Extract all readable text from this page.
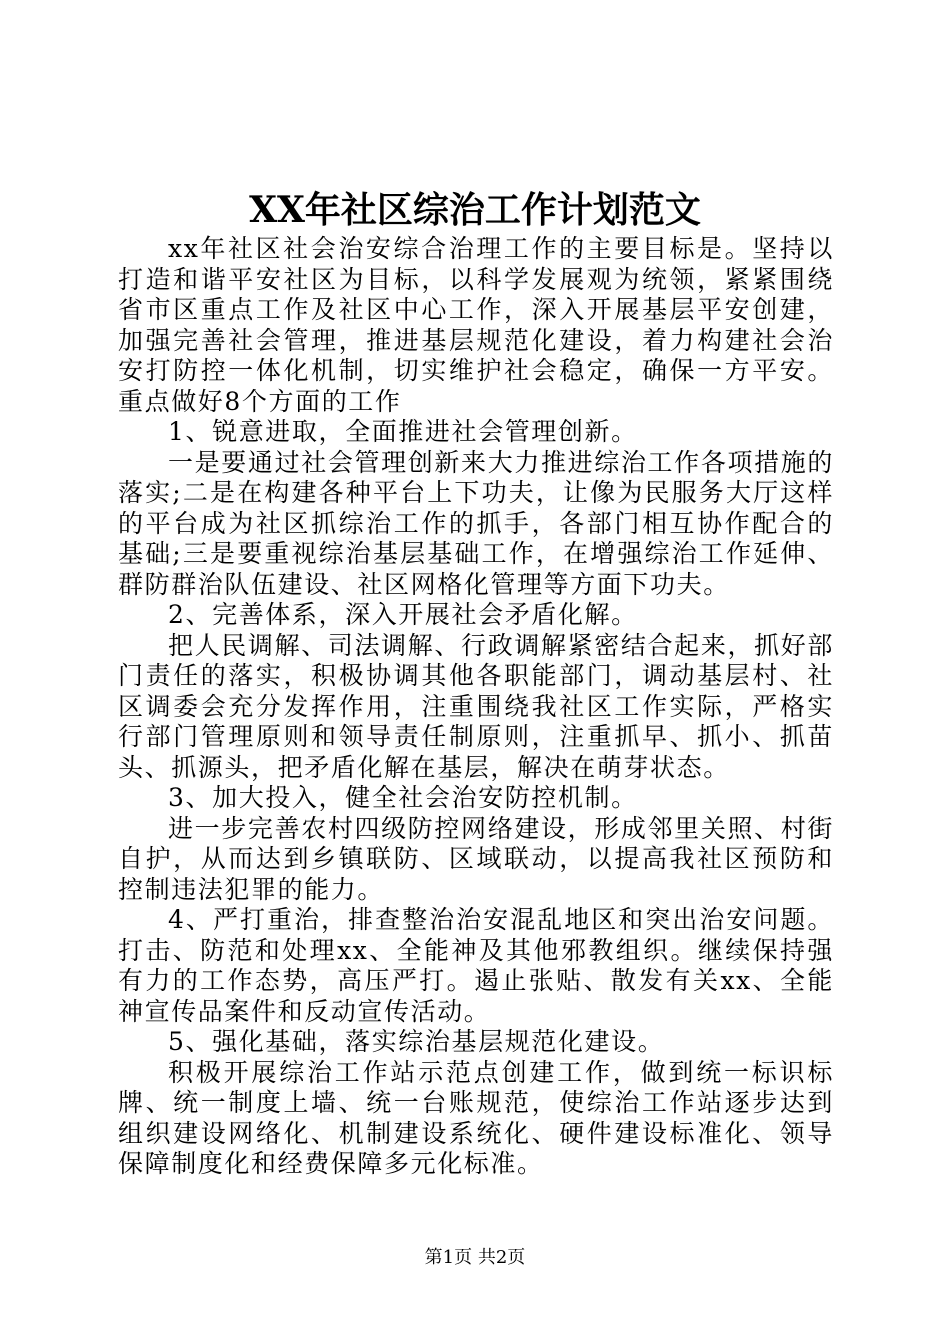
XX年社区综治工作计划范文

xx年社区社会治安综合治理工作的主要目标是。坚持以打造和谐平安社区为目标，以科学发展观为统领，紧紧围绕省市区重点工作及社区中心工作，深入开展基层平安创建，加强完善社会管理，推进基层规范化建设，着力构建社会治安打防控一体化机制，切实维护社会稳定，确保一方平安。重点做好8个方面的工作

1、锐意进取，全面推进社会管理创新。

一是要通过社会管理创新来大力推进综治工作各项措施的落实;二是在构建各种平台上下功夫，让像为民服务大厅这样的平台成为社区抓综治工作的抓手，各部门相互协作配合的基础;三是要重视综治基层基础工作，在增强综治工作延伸、群防群治队伍建设、社区网格化管理等方面下功夫。

2、完善体系，深入开展社会矛盾化解。

把人民调解、司法调解、行政调解紧密结合起来，抓好部门责任的落实，积极协调其他各职能部门，调动基层村、社区调委会充分发挥作用，注重围绕我社区工作实际，严格实行部门管理原则和领导责任制原则，注重抓早、抓小、抓苗头、抓源头，把矛盾化解在基层，解决在萌芽状态。

3、加大投入，健全社会治安防控机制。

进一步完善农村四级防控网络建设，形成邻里关照、村街自护，从而达到乡镇联防、区域联动，以提高我社区预防和控制违法犯罪的能力。

4、严打重治，排查整治治安混乱地区和突出治安问题。打击、防范和处理xx、全能神及其他邪教组织。继续保持强有力的工作态势，高压严打。遏止张贴、散发有关xx、全能神宣传品案件和反动宣传活动。

5、强化基础，落实综治基层规范化建设。

积极开展综治工作站示范点创建工作，做到统一标识标牌、统一制度上墙、统一台账规范，使综治工作站逐步达到组织建设网络化、机制建设系统化、硬件建设标准化、领导保障制度化和经费保障多元化标准。

第1页 共2页
